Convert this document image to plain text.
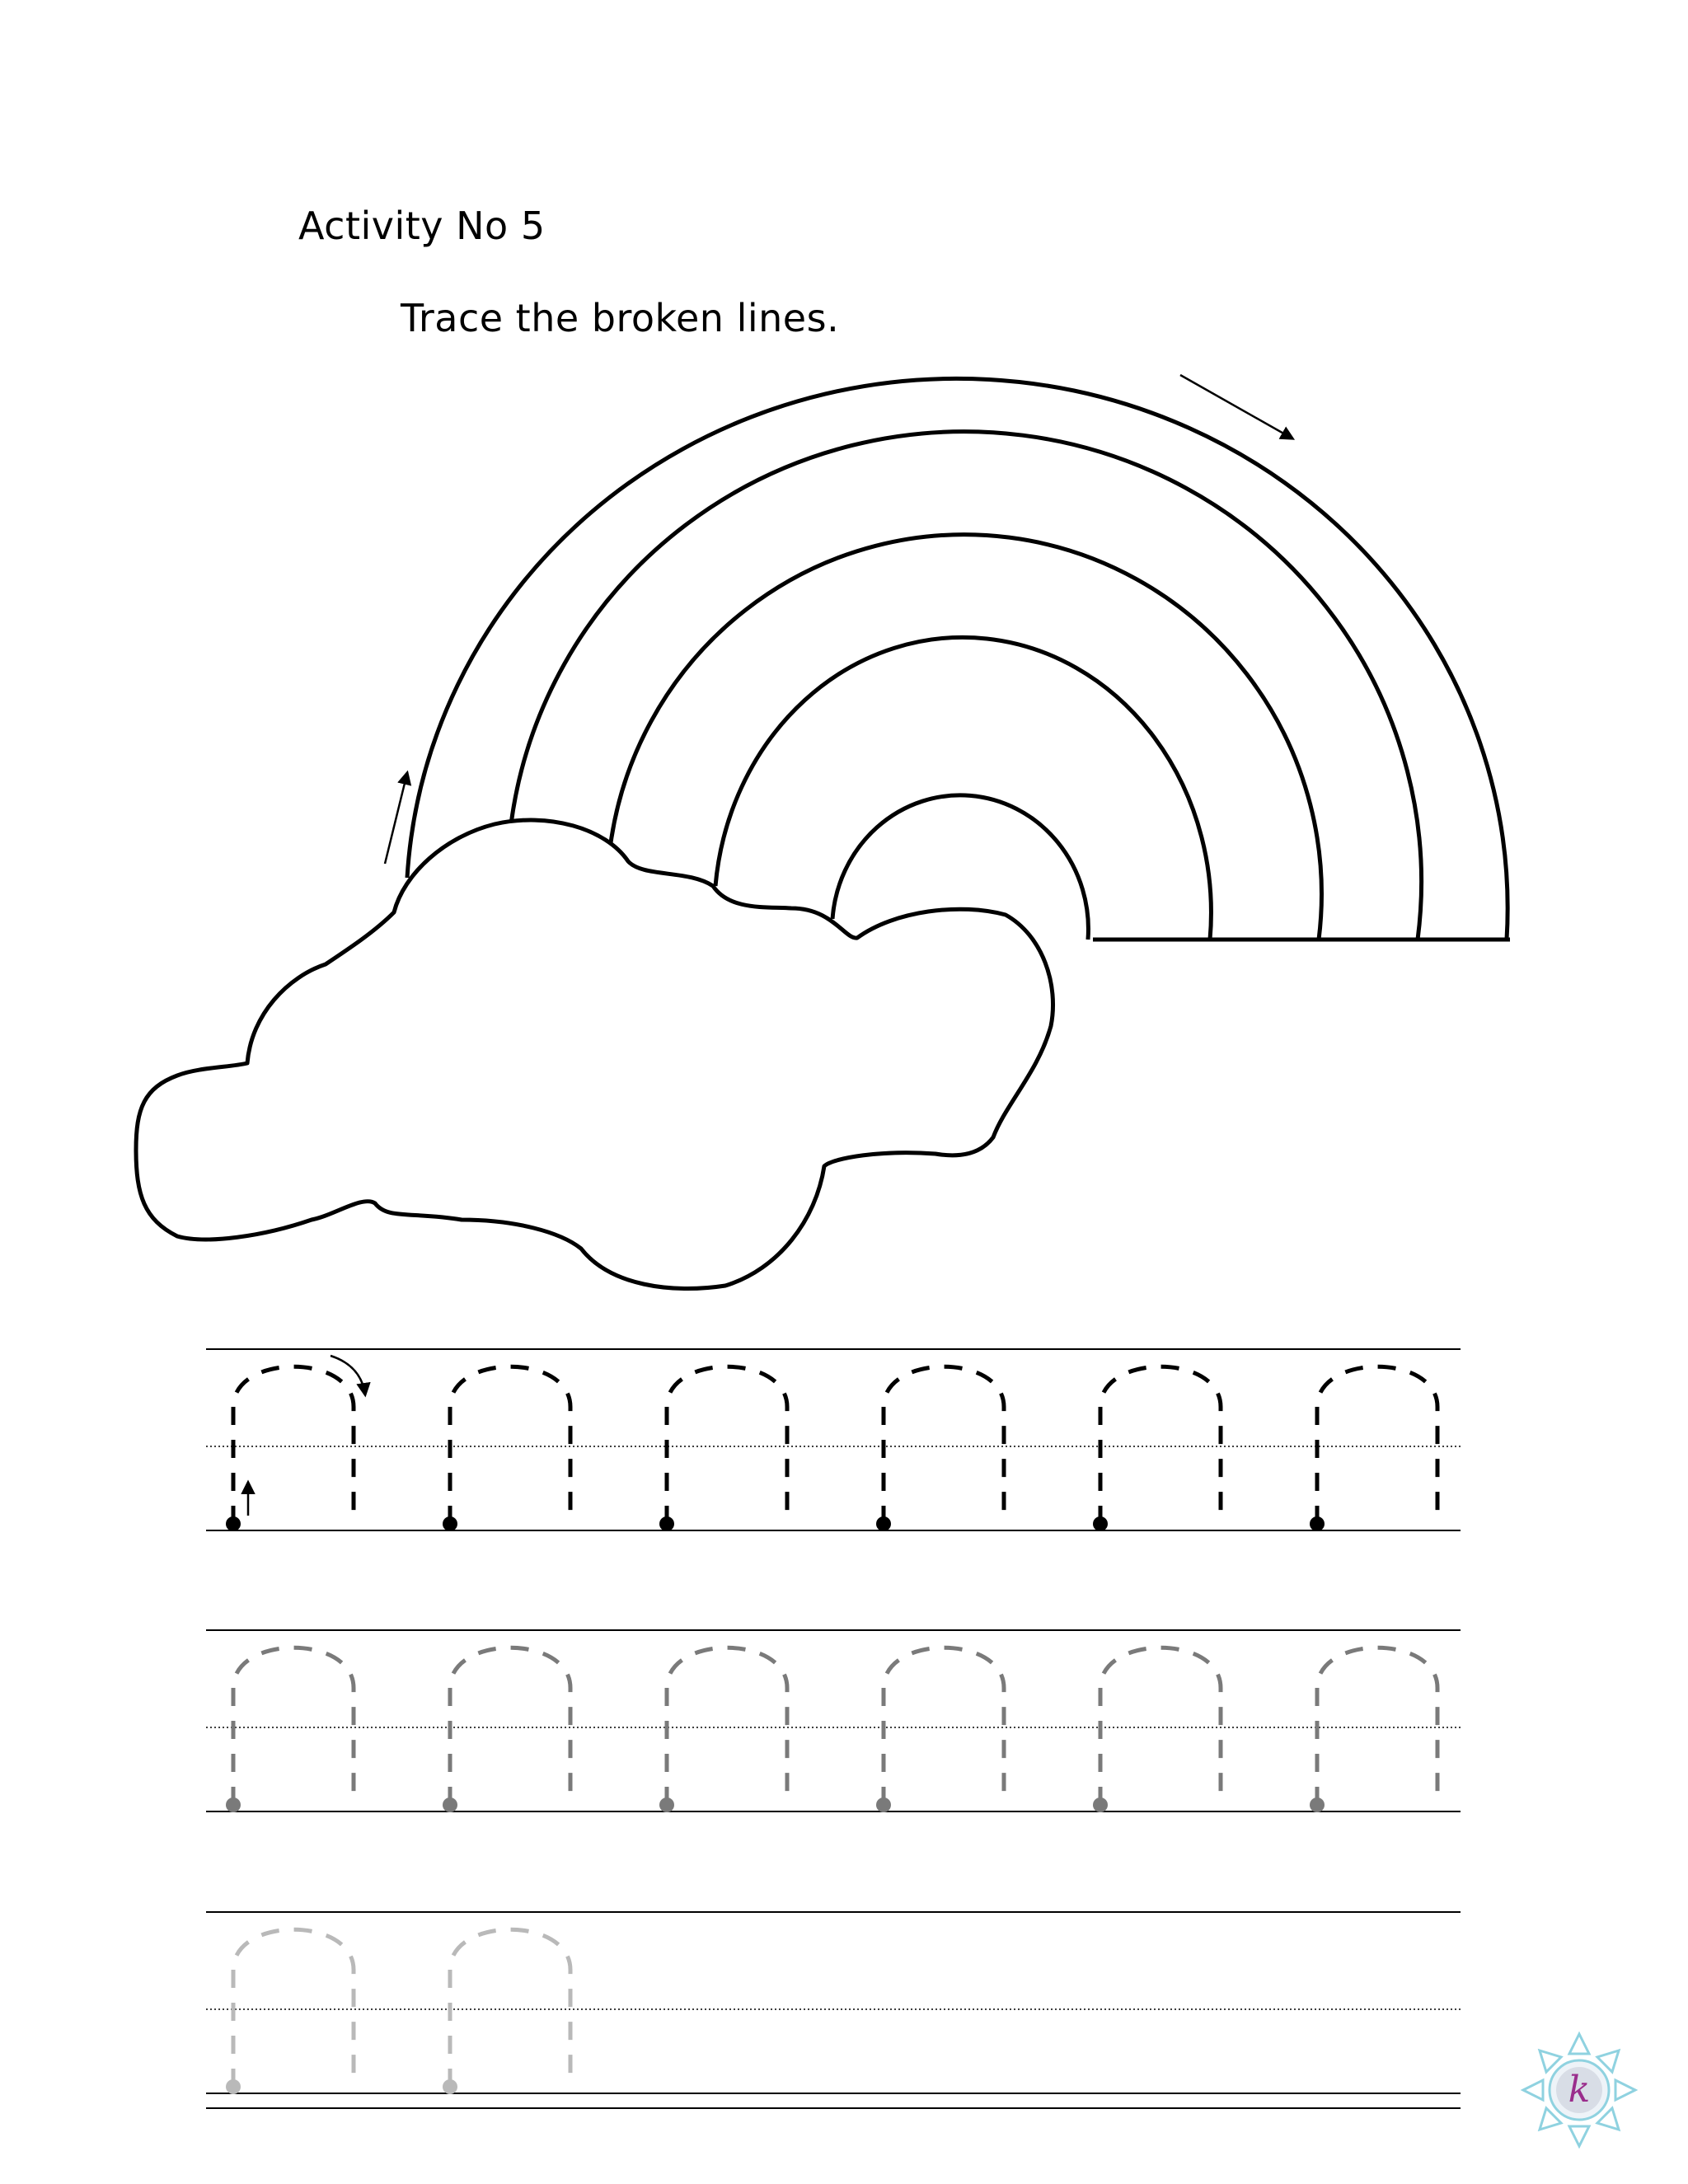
Activity No 5
Trace the broken lines.
k
